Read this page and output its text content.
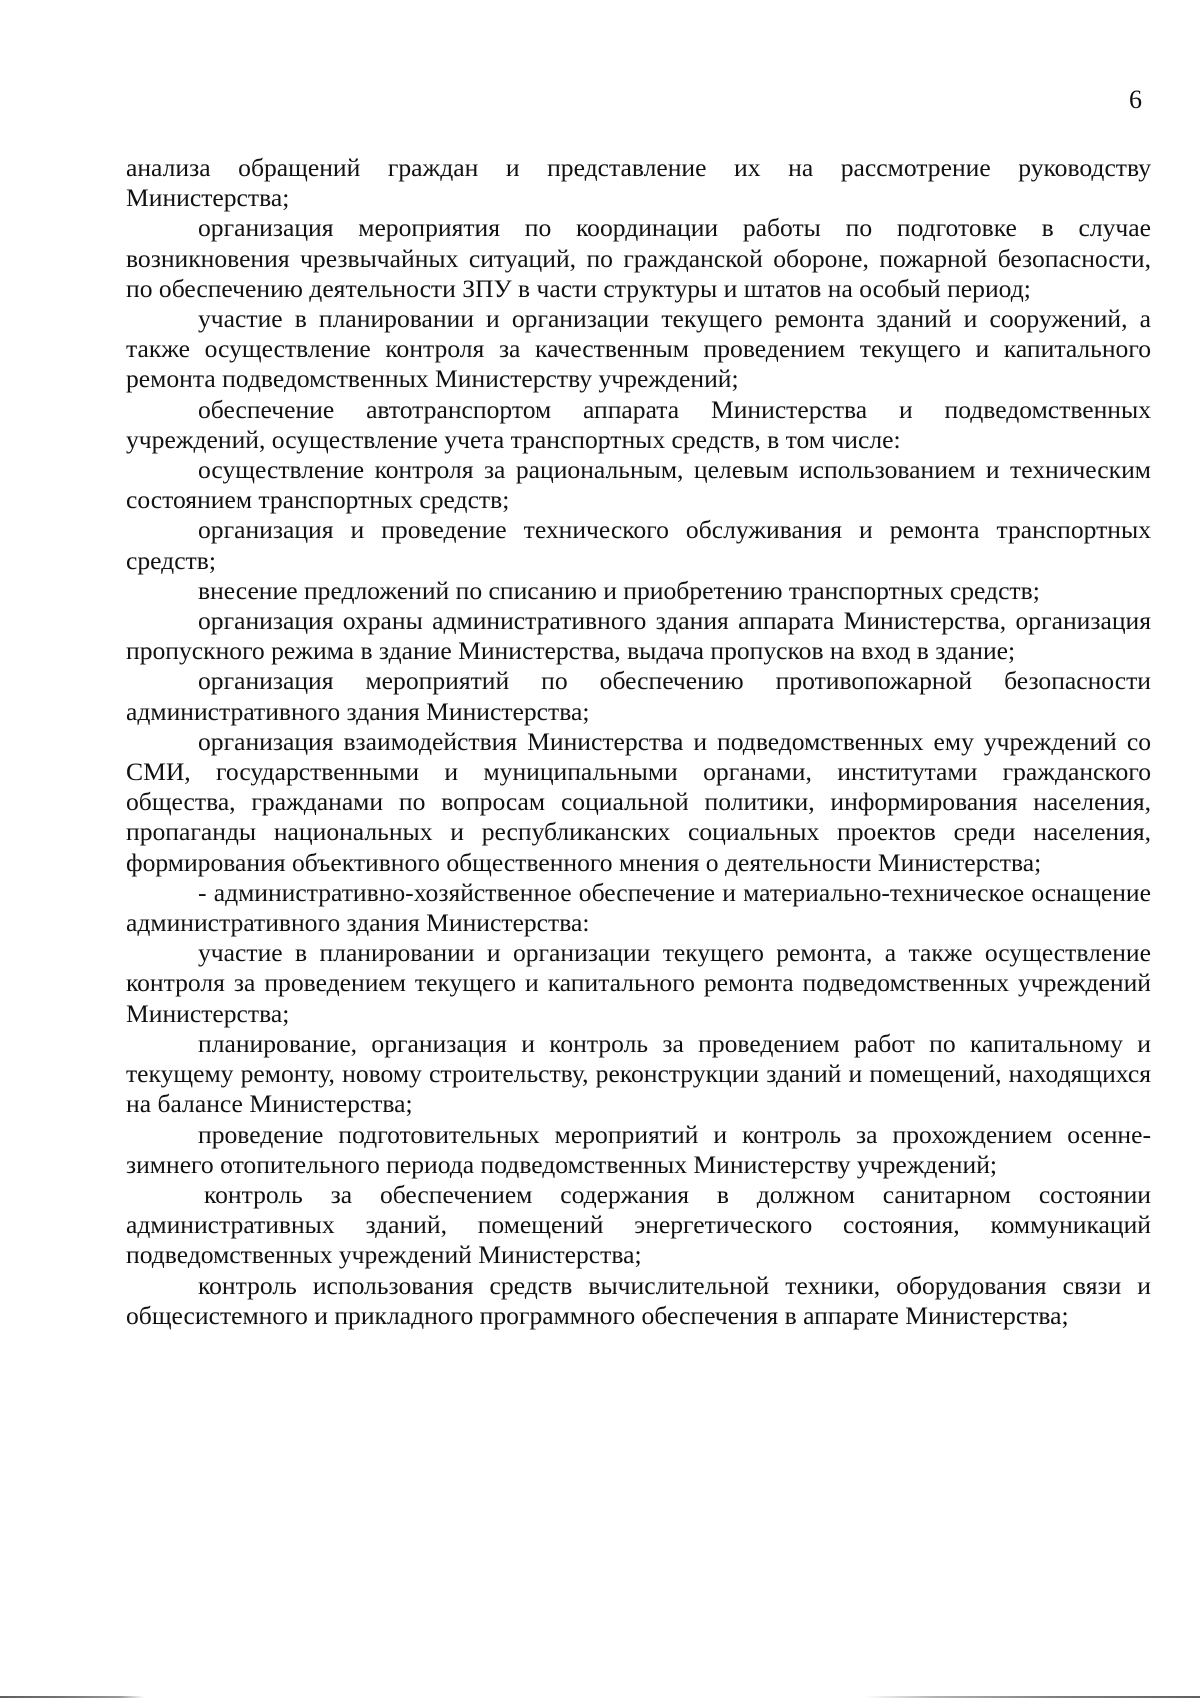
6

анализа обращений граждан и представление их на рассмотрение руководству Министерства;

организация мероприятия по координации работы по подготовке в случае возникновения чрезвычайных ситуаций, по гражданской обороне, пожарной безопасности, по обеспечению деятельности ЗПУ в части структуры и штатов на особый период;

участие в планировании и организации текущего ремонта зданий и сооружений, а также осуществление контроля за качественным проведением текущего и капитального ремонта подведомственных Министерству учреждений;

обеспечение автотранспортом аппарата Министерства и подведомственных учреждений, осуществление учета транспортных средств, в том числе:

осуществление контроля за рациональным, целевым использованием и техническим состоянием транспортных средств;

организация и проведение технического обслуживания и ремонта транспортных средств;

внесение предложений по списанию и приобретению транспортных средств;

организация охраны административного здания аппарата Министерства, организация пропускного режима в здание Министерства, выдача пропусков на вход в здание;

организация мероприятий по обеспечению противопожарной безопасности административного здания Министерства;

организация взаимодействия Министерства и подведомственных ему учреждений со СМИ, государственными и муниципальными органами, институтами гражданского общества, гражданами по вопросам социальной политики, информирования населения, пропаганды национальных и республиканских социальных проектов среди населения, формирования объективного общественного мнения о деятельности Министерства;

- административно-хозяйственное обеспечение и материально-техническое оснащение административного здания Министерства:

участие в планировании и организации текущего ремонта, а также осуществление контроля за проведением текущего и капитального ремонта подведомственных учреждений Министерства;

планирование, организация и контроль за проведением работ по капитальному и текущему ремонту, новому строительству, реконструкции зданий и помещений, находящихся на балансе Министерства;

проведение подготовительных мероприятий и контроль за прохождением осенне-зимнего отопительного периода подведомственных Министерству учреждений;

контроль за обеспечением содержания в должном санитарном состоянии административных зданий, помещений энергетического состояния, коммуникаций подведомственных учреждений Министерства;

контроль использования средств вычислительной техники, оборудования связи и общесистемного и прикладного программного обеспечения в аппарате Министерства;
